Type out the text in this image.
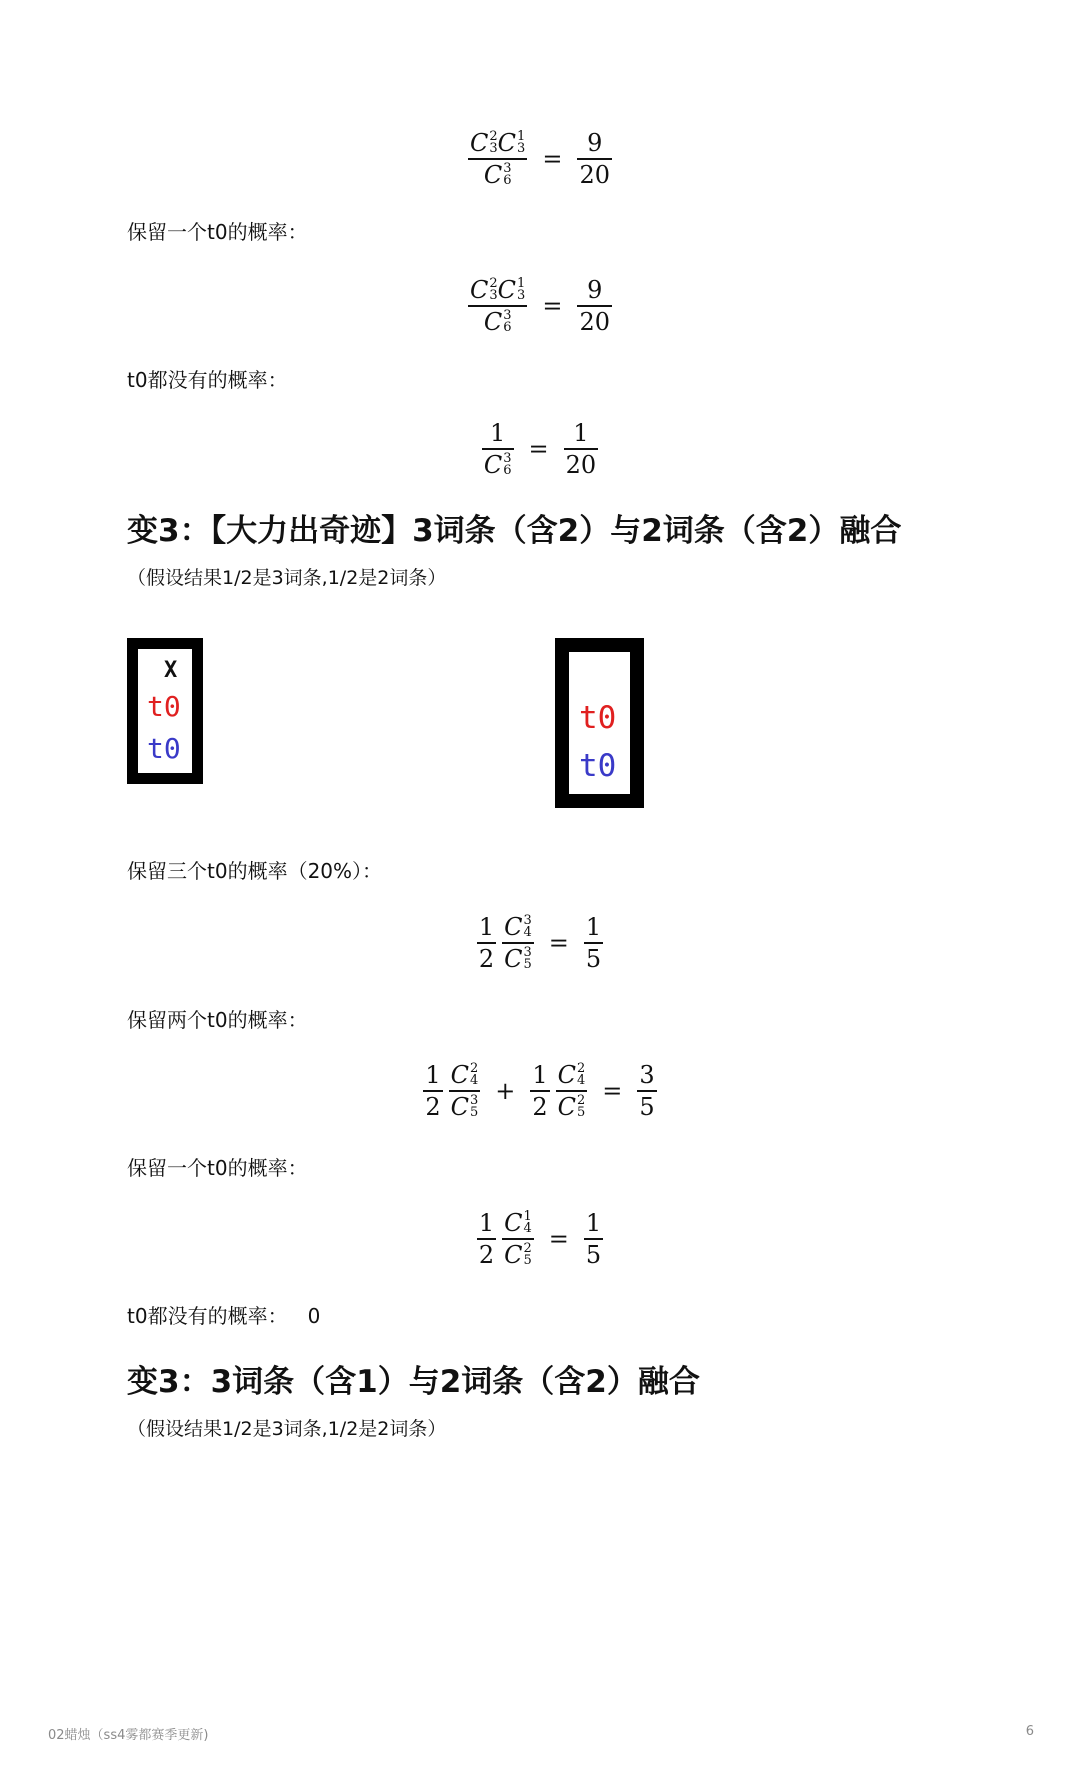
C 2
3 C 1
3
C 3
$6 = \frac{9}{20}$
保留一个t0的概率：
C 2
3 C 1
3
C 3
$6 = \frac{9}{20}$
t0都没有的概率：
1
C 3
$6 = \frac{1}{20}$
变3：【大力出奇迹】3词条（含2）与2词条（含2）融合
（假设结果1/2是3词条,1/2是2词条）
X
t0
t0
t0
t0
保留三个t0的概率（20%）：
$\frac{1}{2}$ C 3
4
C 3
$5 = \frac{1}{5}$
保留两个t0的概率：
$\frac{1}{2}$ C 2
4
C 3
$5 + \frac{1}{2}$ C 2
4
C 2
$5 = \frac{3}{5}$
保留一个t0的概率：
$\frac{1}{2}$ C 1
4
C 2
$5 = \frac{1}{5}$
t0都没有的概率： 0
变3：3词条（含1）与2词条（含2）融合
（假设结果1/2是3词条,1/2是2词条）
02蜡烛（ss4雾都赛季更新)	6
